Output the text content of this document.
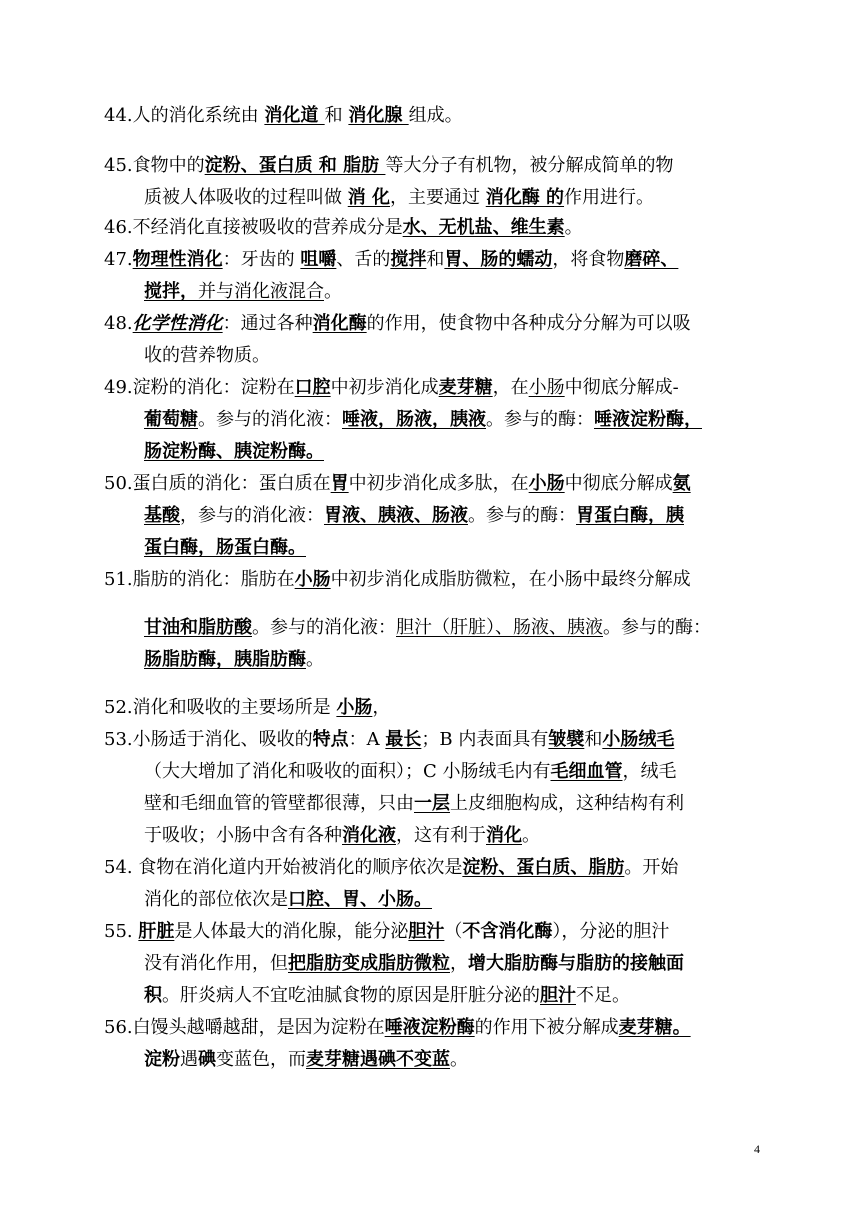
44.人的消化系统由 消化道 和 消化腺 组成。
45.食物中的淀粉、蛋白质 和 脂肪 等大分子有机物，被分解成简单的物
质被人体吸收的过程叫做 消 化，主要通过 消化酶 的作用进行。
46.不经消化直接被吸收的营养成分是水、无机盐、维生素。
47.物理性消化：牙齿的 咀嚼、舌的搅拌和胃、肠的蠕动，将食物磨碎、
搅拌，并与消化液混合。
48.化学性消化：通过各种消化酶的作用，使食物中各种成分分解为可以吸
收的营养物质。
49.淀粉的消化：淀粉在口腔中初步消化成麦芽糖，在小肠中彻底分解成-
葡萄糖。参与的消化液：唾液，肠液，胰液。参与的酶：唾液淀粉酶，
肠淀粉酶、胰淀粉酶。
50.蛋白质的消化：蛋白质在胃中初步消化成多肽，在小肠中彻底分解成氨
基酸，参与的消化液：胃液、胰液、肠液。参与的酶：胃蛋白酶，胰
蛋白酶，肠蛋白酶。
51.脂肪的消化：脂肪在小肠中初步消化成脂肪微粒，在小肠中最终分解成
甘油和脂肪酸。参与的消化液：胆汁（肝脏）、肠液、胰液。参与的酶：
肠脂肪酶，胰脂肪酶。
52.消化和吸收的主要场所是 小肠，
53.小肠适于消化、吸收的特点：A 最长；B 内表面具有皱襞和小肠绒毛
（大大增加了消化和吸收的面积）；C 小肠绒毛内有毛细血管，绒毛
壁和毛细血管的管壁都很薄，只由一层上皮细胞构成，这种结构有利
于吸收；小肠中含有各种消化液，这有利于消化。
54. 食物在消化道内开始被消化的顺序依次是淀粉、蛋白质、脂肪。开始
消化的部位依次是口腔、胃、小肠。
55. 肝脏是人体最大的消化腺，能分泌胆汁（不含消化酶），分泌的胆汁
没有消化作用，但把脂肪变成脂肪微粒，增大脂肪酶与脂肪的接触面
积。肝炎病人不宜吃油腻食物的原因是肝脏分泌的胆汁不足。
56.白馒头越嚼越甜，是因为淀粉在唾液淀粉酶的作用下被分解成麦芽糖。
淀粉遇碘变蓝色，而麦芽糖遇碘不变蓝。
4
